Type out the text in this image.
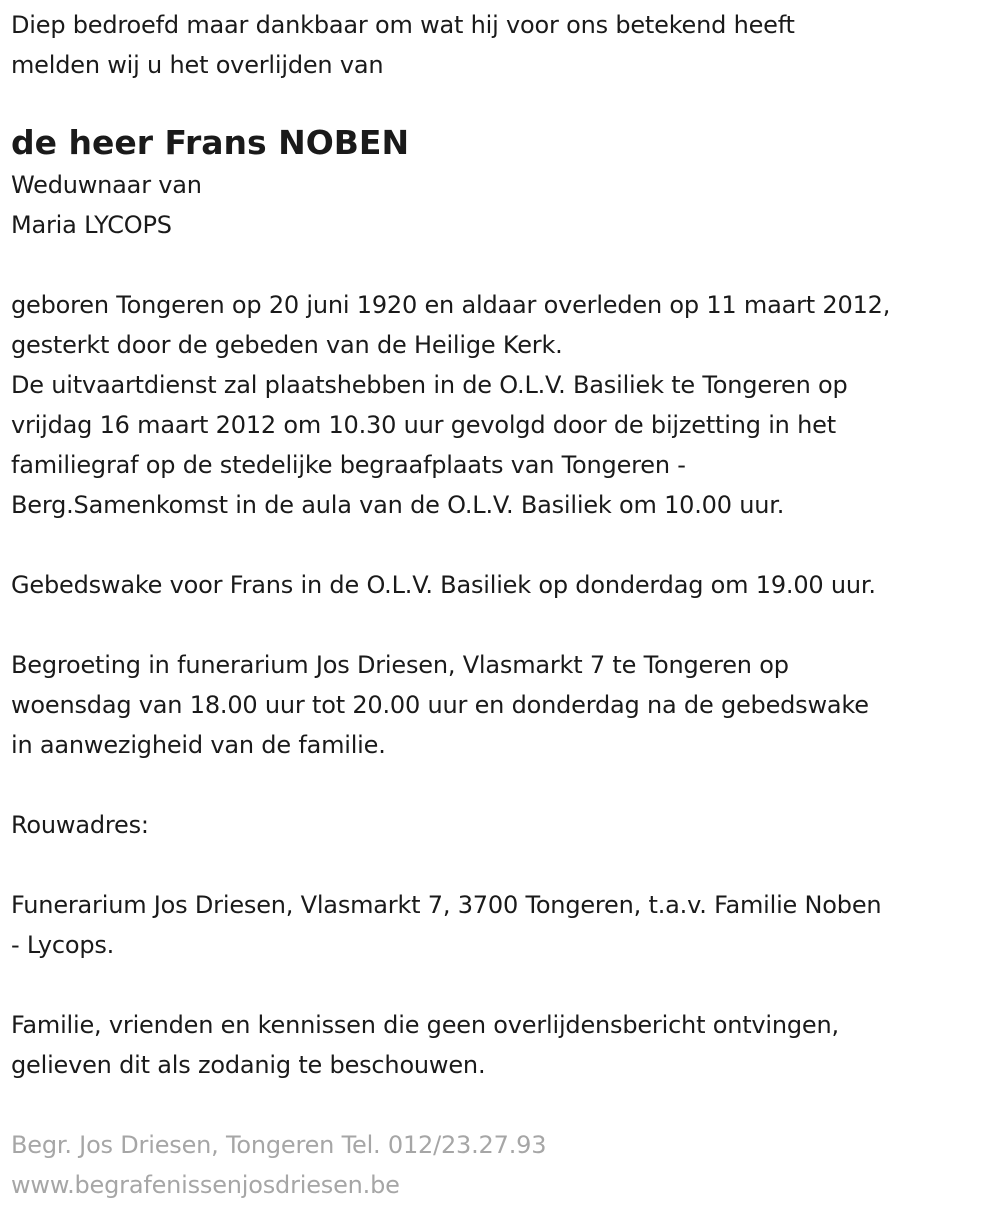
Diep bedroefd maar dankbaar om wat hij voor ons betekend heeft
melden wij u het overlijden van
de heer Frans NOBEN
Weduwnaar van
Maria LYCOPS
geboren Tongeren op 20 juni 1920 en aldaar overleden op 11 maart 2012,
gesterkt door de gebeden van de Heilige Kerk.
De uitvaartdienst zal plaatshebben in de O.L.V. Basiliek te Tongeren op
vrijdag 16 maart 2012 om 10.30 uur gevolgd door de bijzetting in het
familiegraf op de stedelijke begraafplaats van Tongeren -
Berg.Samenkomst in de aula van de O.L.V. Basiliek om 10.00 uur.
Gebedswake voor Frans in de O.L.V. Basiliek op donderdag om 19.00 uur.
Begroeting in funerarium Jos Driesen, Vlasmarkt 7 te Tongeren op
woensdag van 18.00 uur tot 20.00 uur en donderdag na de gebedswake
in aanwezigheid van de familie.
Rouwadres:
Funerarium Jos Driesen, Vlasmarkt 7, 3700 Tongeren, t.a.v. Familie Noben
- Lycops.
Familie, vrienden en kennissen die geen overlijdensbericht ontvingen,
gelieven dit als zodanig te beschouwen.
Begr. Jos Driesen, Tongeren Tel. 012/23.27.93
www.begrafenissenjosdriesen.be
